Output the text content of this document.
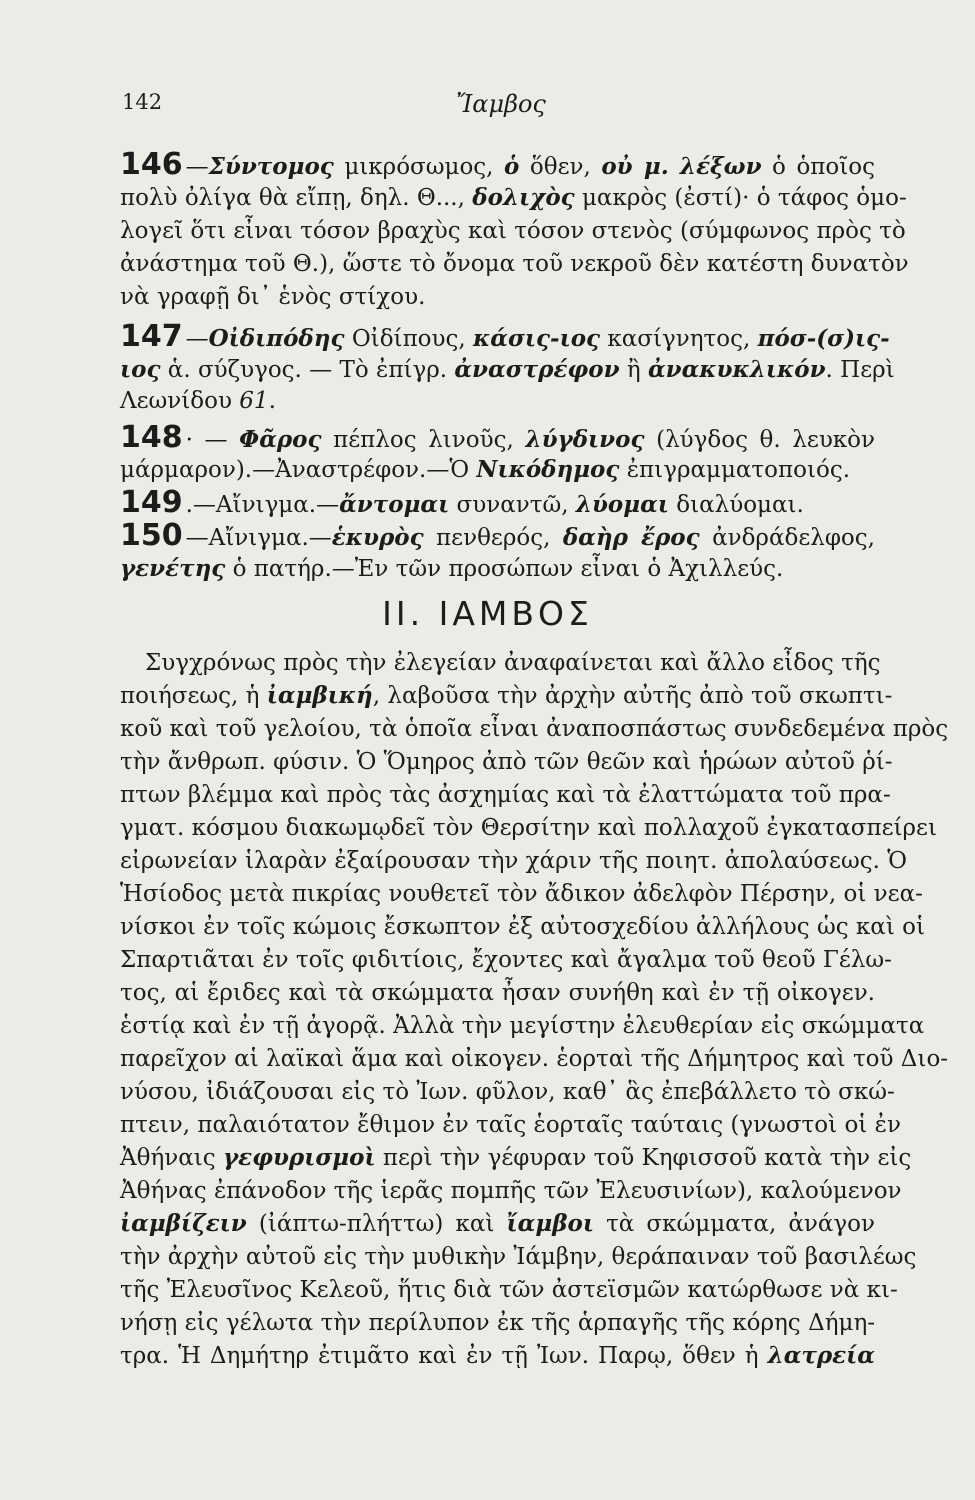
142	Ἴαμβος
146 —Σύντομος μικρόσωμος, ὁ ὅθεν, οὐ μ. λέξων ὁ ὁποῖος
πολὺ ὀλίγα θὰ εἴπῃ, δηλ. Θ..., δολιχὸς μακρὸς (ἐστί)· ὁ τάφος ὁμο-
λογεῖ ὅτι εἶναι τόσον βραχὺς καὶ τόσον στενὸς (σύμφωνος πρὸς τὸ
ἀνάστημα τοῦ Θ.), ὥστε τὸ ὄνομα τοῦ νεκροῦ δὲν κατέστη δυνατὸν
νὰ γραφῇ δι᾽ ἑνὸς στίχου.
147 —Οἰδιπόδης Οἰδίπους, κάσις-ιος κασίγνητος, πόσ-(σ)ις-
ιος ἁ. σύζυγος. — Τὸ ἐπίγρ. ἀναστρέφον ἢ ἀνακυκλικόν. Περὶ
Λεωνίδου 61.
148 · — Φᾶρος πέπλος λινοῦς, λύγδινος (λύγδος θ. λευκὸν
μάρμαρον).—Ἀναστρέφον.—Ὁ Νικόδημος ἐπιγραμματοποιός.
149 .—Αἴνιγμα.—ἄντομαι συναντῶ, λύομαι διαλύομαι.
150 —Αἴνιγμα.—ἑκυρὸς πενθερός, δαὴρ ἔρος ἀνδράδελφος,
γενέτης ὁ πατήρ.—Ἐν τῶν προσώπων εἶναι ὁ Ἀχιλλεύς.
II. ΙΑΜΒΟΣ
Συγχρόνως πρὸς τὴν ἐλεγείαν ἀναφαίνεται καὶ ἄλλο εἶδος τῆς
ποιήσεως, ἡ ἰαμβική, λαβοῦσα τὴν ἀρχὴν αὐτῆς ἀπὸ τοῦ σκωπτι-
κοῦ καὶ τοῦ γελοίου, τὰ ὁποῖα εἶναι ἀναποσπάστως συνδεδεμένα πρὸς
τὴν ἄνθρωπ. φύσιν. Ὁ Ὅμηρος ἀπὸ τῶν θεῶν καὶ ἡρώων αὐτοῦ ῥί-
πτων βλέμμα καὶ πρὸς τὰς ἀσχημίας καὶ τὰ ἐλαττώματα τοῦ πρα-
γματ. κόσμου διακωμῳδεῖ τὸν Θερσίτην καὶ πολλαχοῦ ἐγκατασπείρει
εἰρωνείαν ἱλαρὰν ἐξαίρουσαν τὴν χάριν τῆς ποιητ. ἀπολαύσεως. Ὁ
Ἡσίοδος μετὰ πικρίας νουθετεῖ τὸν ἄδικον ἀδελφὸν Πέρσην, οἱ νεα-
νίσκοι ἐν τοῖς κώμοις ἔσκωπτον ἐξ αὐτοσχεδίου ἀλλήλους ὡς καὶ οἱ
Σπαρτιᾶται ἐν τοῖς φιδιτίοις, ἔχοντες καὶ ἄγαλμα τοῦ θεοῦ Γέλω-
τος, αἱ ἔριδες καὶ τὰ σκώμματα ἦσαν συνήθη καὶ ἐν τῇ οἰκογεν.
ἑστίᾳ καὶ ἐν τῇ ἀγορᾷ. Ἀλλὰ τὴν μεγίστην ἐλευθερίαν εἰς σκώμματα
παρεῖχον αἱ λαϊκαὶ ἅμα καὶ οἰκογεν. ἑορταὶ τῆς Δήμητρος καὶ τοῦ Διο-
νύσου, ἰδιάζουσαι εἰς τὸ Ἰων. φῦλον, καθ᾽ ἃς ἐπεβάλλετο τὸ σκώ-
πτειν, παλαιότατον ἔθιμον ἐν ταῖς ἑορταῖς ταύταις (γνωστοὶ οἱ ἐν
Ἀθήναις γεφυρισμοὶ περὶ τὴν γέφυραν τοῦ Κηφισσοῦ κατὰ τὴν εἰς
Ἀθήνας ἐπάνοδον τῆς ἱερᾶς πομπῆς τῶν Ἐλευσινίων), καλούμενον
ἰαμβίζειν (ἰάπτω-πλήττω) καὶ ἴαμβοι τὰ σκώμματα, ἀνάγον
τὴν ἀρχὴν αὐτοῦ εἰς τὴν μυθικὴν Ἰάμβην, θεράπαιναν τοῦ βασιλέως
τῆς Ἐλευσῖνος Κελεοῦ, ἥτις διὰ τῶν ἀστεϊσμῶν κατώρθωσε νὰ κι-
νήσῃ εἰς γέλωτα τὴν περίλυπον ἐκ τῆς ἁρπαγῆς τῆς κόρης Δήμη-
τρα. Ἡ Δημήτηρ ἐτιμᾶτο καὶ ἐν τῇ Ἰων. Παρῳ, ὅθεν ἡ λατρεία
